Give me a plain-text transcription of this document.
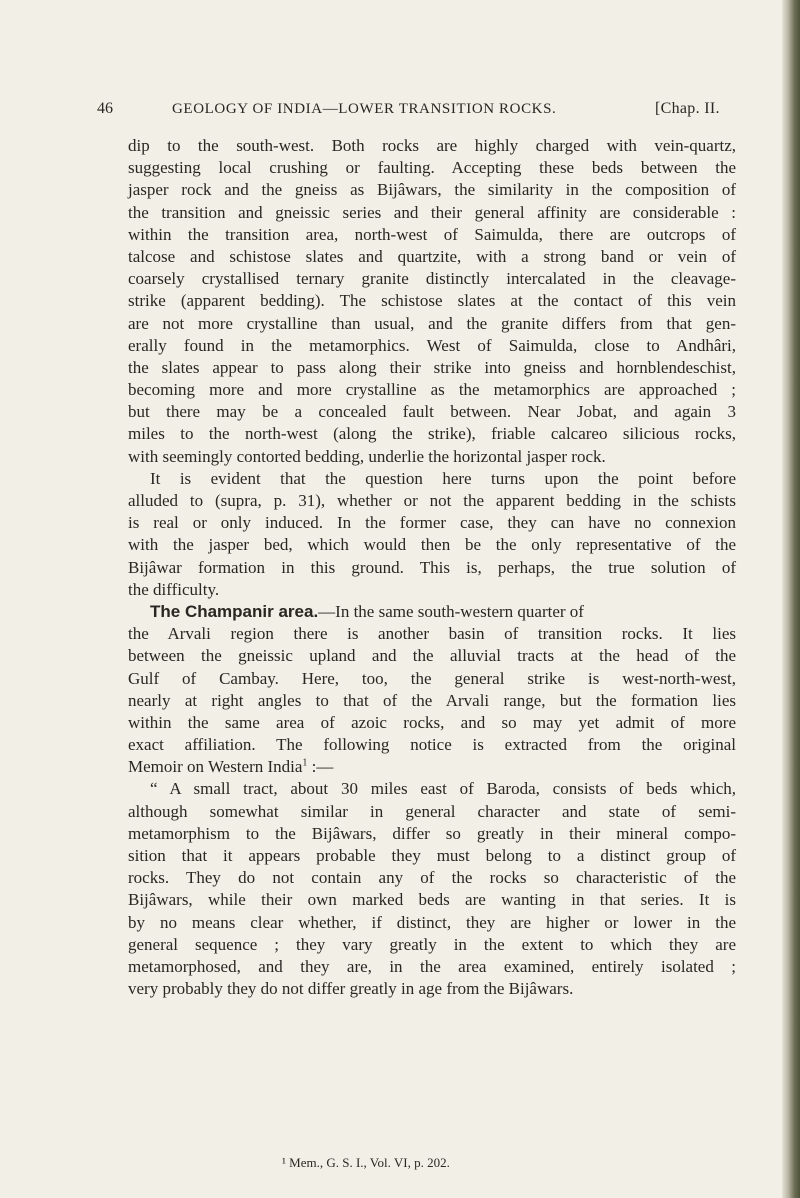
46	GEOLOGY OF INDIA—LOWER TRANSITION ROCKS.	[Chap. II.
dip to the south-west. Both rocks are highly charged with vein-quartz,
suggesting local crushing or faulting. Accepting these beds between the
jasper rock and the gneiss as Bijâwars, the similarity in the composition of
the transition and gneissic series and their general affinity are considerable :
within the transition area, north-west of Saimulda, there are outcrops of
talcose and schistose slates and quartzite, with a strong band or vein of
coarsely crystallised ternary granite distinctly intercalated in the cleavage-
strike (apparent bedding). The schistose slates at the contact of this vein
are not more crystalline than usual, and the granite differs from that gen-
erally found in the metamorphics. West of Saimulda, close to Andhâri,
the slates appear to pass along their strike into gneiss and hornblendeschist,
becoming more and more crystalline as the metamorphics are approached ;
but there may be a concealed fault between. Near Jobat, and again 3
miles to the north-west (along the strike), friable calcareo silicious rocks,
with seemingly contorted bedding, underlie the horizontal jasper rock.
It is evident that the question here turns upon the point before
alluded to (supra, p. 31), whether or not the apparent bedding in the schists
is real or only induced. In the former case, they can have no connexion
with the jasper bed, which would then be the only representative of the
Bijâwar formation in this ground. This is, perhaps, the true solution of
the difficulty.
The Champanir area.—In the same south-western quarter of
the Arvali region there is another basin of transition rocks. It lies
between the gneissic upland and the alluvial tracts at the head of the
Gulf of Cambay. Here, too, the general strike is west-north-west,
nearly at right angles to that of the Arvali range, but the formation lies
within the same area of azoic rocks, and so may yet admit of more
exact affiliation. The following notice is extracted from the original
Memoir on Western India$^1$ :—
“ A small tract, about 30 miles east of Baroda, consists of beds which,
although somewhat similar in general character and state of semi-
metamorphism to the Bijâwars, differ so greatly in their mineral compo-
sition that it appears probable they must belong to a distinct group of
rocks. They do not contain any of the rocks so characteristic of the
Bijâwars, while their own marked beds are wanting in that series. It is
by no means clear whether, if distinct, they are higher or lower in the
general sequence ; they vary greatly in the extent to which they are
metamorphosed, and they are, in the area examined, entirely isolated ;
very probably they do not differ greatly in age from the Bijâwars.
¹ Mem., G. S. I., Vol. VI, p. 202.
